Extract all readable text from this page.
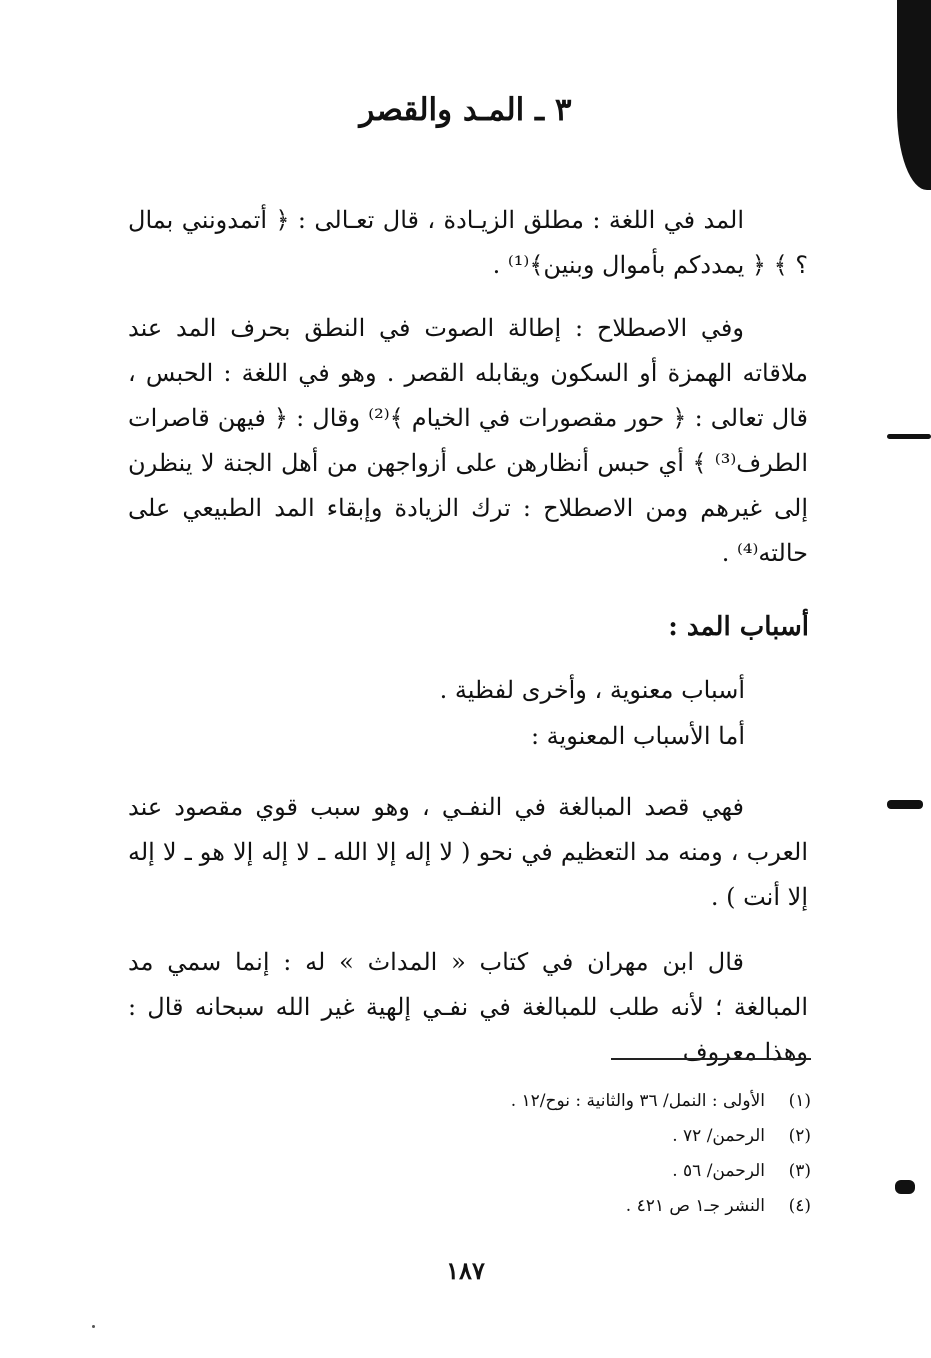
٣ ـ المـد والقصر

المد في اللغة : مطلق الزيـادة ، قال تعـالى : ﴿ أتمدونني بمال ؟ ﴾ ﴿ يمددكم بأموال وبنين﴾⁽¹⁾ .

وفي الاصطلاح : إطالة الصوت في النطق بحرف المد عند ملاقاته الهمزة أو السكون ويقابله القصر . وهو في اللغة : الحبس ، قال تعالى : ﴿ حور مقصورات في الخيام ﴾⁽²⁾ وقال : ﴿ فيهن قاصرات الطرف⁽³⁾ ﴾ أي حبس أنظارهن على أزواجهن من أهل الجنة لا ينظرن إلى غيرهم ومن الاصطلاح : ترك الزيادة وإبقاء المد الطبيعي على حالته⁽⁴⁾ .

أسباب المد :

أسباب معنوية ، وأخرى لفظية .

أما الأسباب المعنوية :

فهي قصد المبالغة في النفـي ، وهو سبب قوي مقصود عند العرب ، ومنه مد التعظيم في نحو ( لا إله إلا الله ـ لا إله إلا هو ـ لا إله إلا أنت ) .

قال ابن مهران في كتاب « المداث » له : إنما سمي مد المبالغة ؛ لأنه طلب للمبالغة في نفـي إلهية غير الله سبحانه قال : وهذا معروف

(١)الأولى : النمل/ ٣٦ والثانية : نوح/١٢ .
(٢)الرحمن/ ٧٢ .
(٣)الرحمن/ ٥٦ .
(٤)النشر جـ١ ص ٤٢١ .

١٨٧
